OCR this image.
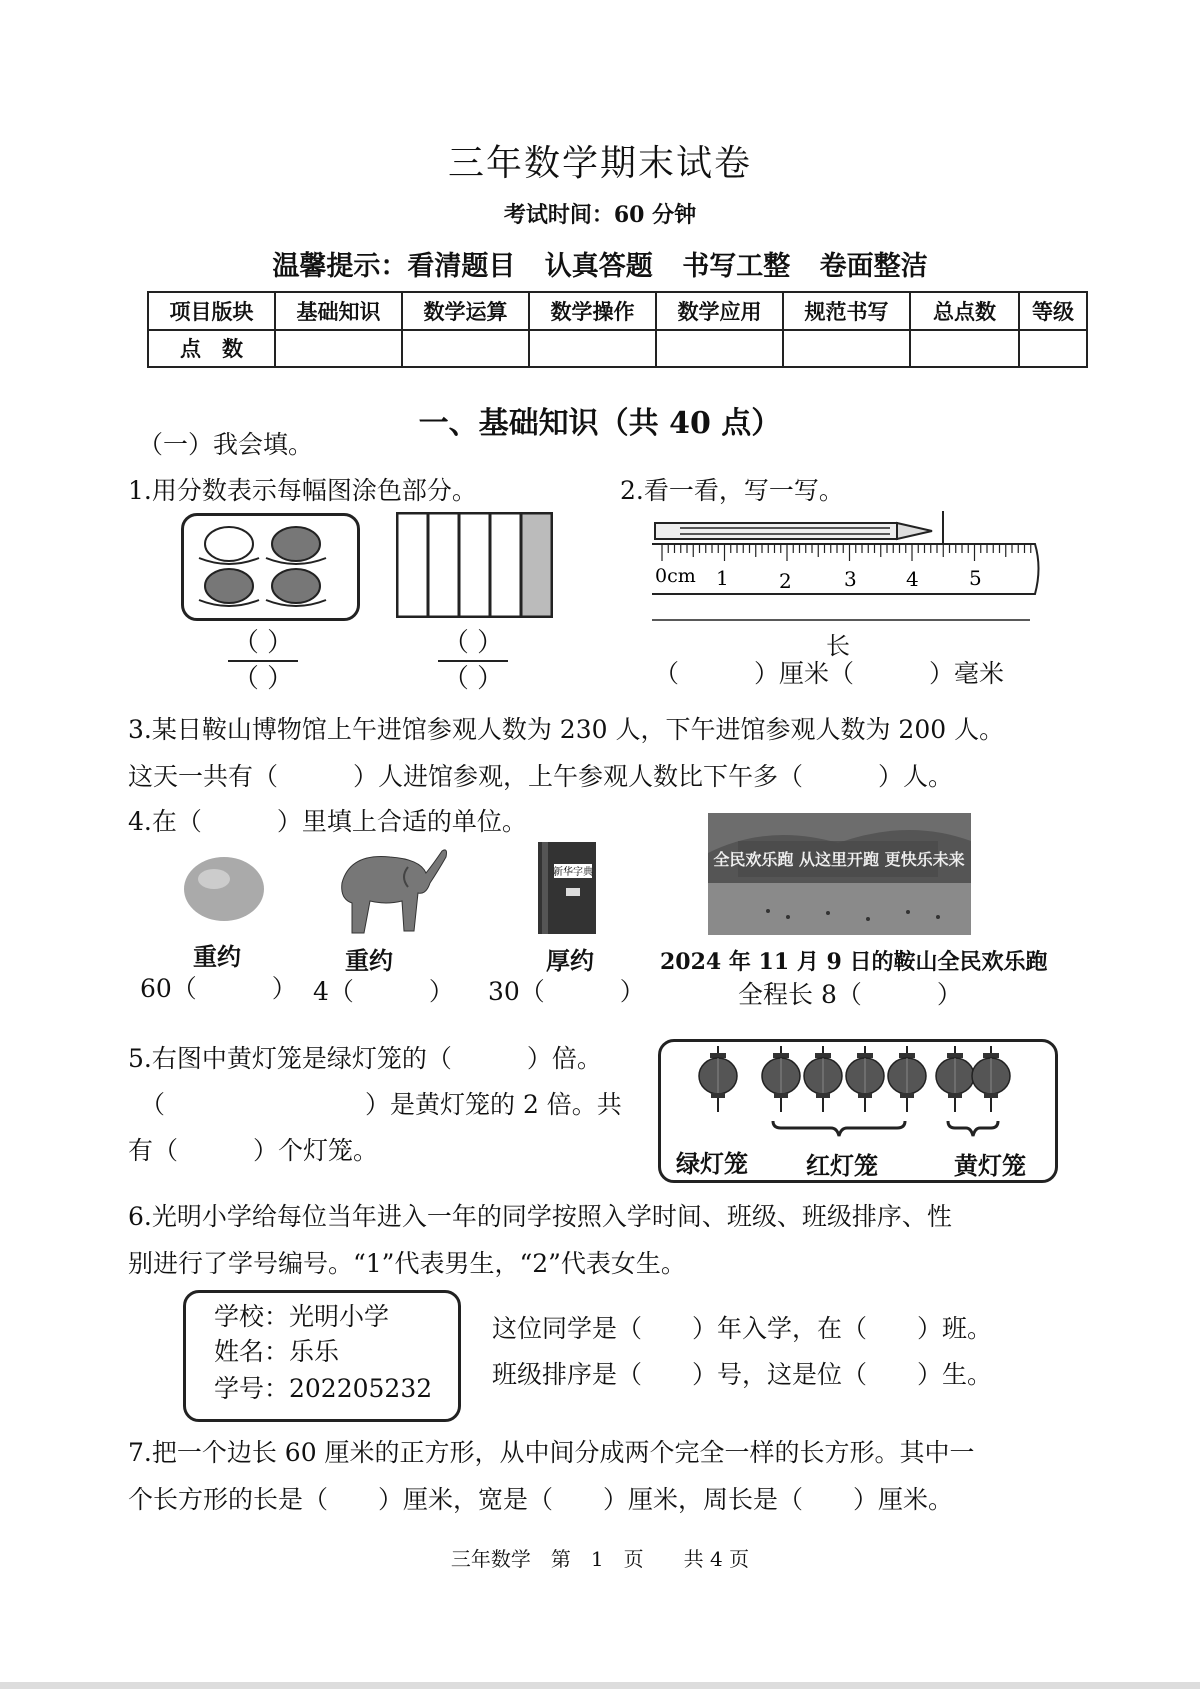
三年数学期末试卷
考试时间：60 分钟
温馨提示：看清题目 认真答题 书写工整 卷面整洁
项目版块	基础知识	数学运算	数学操作	数学应用	规范书写	总点数	等级
点　数							
一、基础知识（共 40 点）
（一）我会填。
1.用分数表示每幅图涂色部分。
（ ）
（ ）
（ ）
（ ）
2.看一看，写一写。
0cm 1	2	3 4	5
长
（　　　）厘米（　　　）毫米
3.某日鞍山博物馆上午进馆参观人数为 230 人，下午进馆参观人数为 200 人。
这天一共有（　　　）人进馆参观，上午参观人数比下午多（　　　）人。
4.在（　　　）里填上合适的单位。
新华字典
全民欢乐跑 从这里开跑 更快乐未来
重约	重约	厚约	2024 年 11 月 9 日的鞍山全民欢乐跑
60（　　　） 4（　　　） 30（　　　）	全程长 8（　　　）
5.右图中黄灯笼是绿灯笼的（　　　）倍。
（　　　　　　　　）是黄灯笼的 2 倍。共
有（　　　）个灯笼。	绿灯笼 红灯笼	黄灯笼
6.光明小学给每位当年进入一年的同学按照入学时间、班级、班级排序、性
别进行了学号编号。“1”代表男生，“2”代表女生。
学校：光明小学
姓名：乐乐
学号：202205232
这位同学是（　　）年入学，在（　　）班。
班级排序是（　　）号，这是位（　　）生。
7.把一个边长 60 厘米的正方形，从中间分成两个完全一样的长方形。其中一
个长方形的长是（　　）厘米，宽是（　　）厘米，周长是（　　）厘米。
三年数学　第　1　页　　共 4 页
